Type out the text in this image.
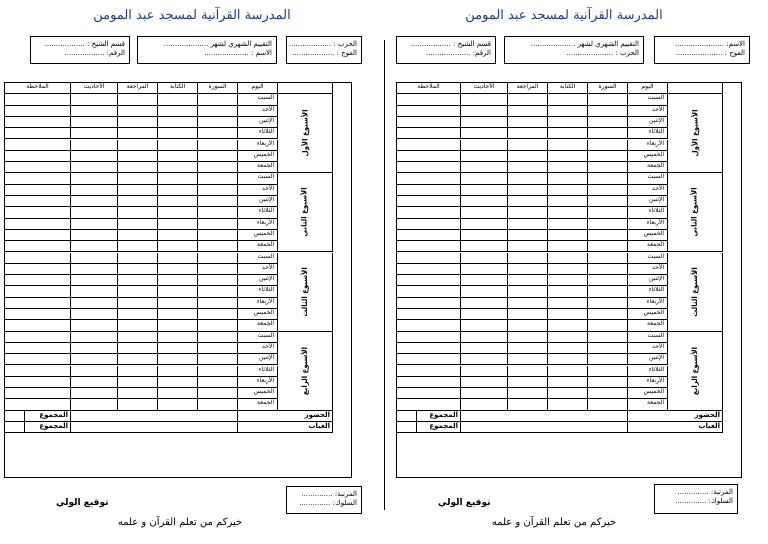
المدرسة القرآنية لمسجد عبد المومن
قسم الشيخ : ..................
الرقم: ..................
التقييم الشهري لشهر ....................
الاسم : ....................
الحزب : ...................
الفوج : ...................
الملاحظة	الأحاديث	المراجعة	الكتابة	السورة	اليوم
السبت
الأحد
الإثنين
الثلاثاء
الأربعاء
الخميس
الجمعة
الأسبوع الأول
السبت
الأحد
الإثنين
الثلاثاء
الأربعاء
الخميس
الجمعة
الأسبوع الثاني
السبت
الأحد
الإثنين
الثلاثاء
الأربعاء
الخميس
الجمعة
الأسبوع الثالث
السبت
الأحد
الإثنين
الثلاثاء
الأربعاء
الخميس
الجمعة
الأسبوع الرابع
المجموع	الحضور
المجموع	الغياب
المرتبة: ..............
السلوك: ..............
توقيع الولي
خيركم من تعلم القرآن و علمه
المدرسة القرآنية لمسجد عبد المومن
قسم الشيخ : ..................
الرقم: ....................
التقييم الشهري لشهر ....................
الحزب : .....................
الاسم: ......................
الفوج : .....................
الملاحظة	الأحاديث	المراجعة	الكتابة	السورة	اليوم
السبت
الأحد
الإثنين
الثلاثاء
الأربعاء
الخميس
الجمعة
الأسبوع الأول
السبت
الأحد
الإثنين
الثلاثاء
الأربعاء
الخميس
الجمعة
الأسبوع الثاني
السبت
الأحد
الإثنين
الثلاثاء
الأربعاء
الخميس
الجمعة
الأسبوع الثالث
السبت
الأحد
الإثنين
الثلاثاء
الأربعاء
الخميس
الجمعة
الأسبوع الرابع
المجموع	الحضور
المجموع	الغياب
المرتبة: ..............
السلوك: ..............
توقيع الولي
خيركم من تعلم القرآن و علمه
